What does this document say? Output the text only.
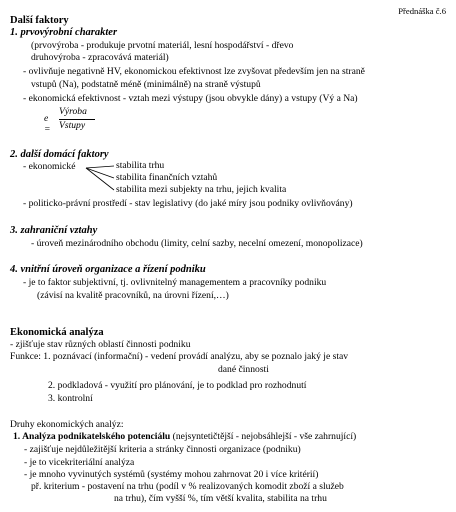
Přednáška č.6
Další faktory
1. prvovýrobní charakter
(prvovýroba - produkuje prvotní materiál, lesní hospodářství - dřevo
druhovýroba - zpracovává materiál)
- ovlivňuje negativně HV, ekonomickou efektivnost lze zvyšovat především jen na straně
vstupů (Na), podstatně méně (minimálně) na straně výstupů
- ekonomická efektivnost - vztah mezi výstupy (jsou obvykle dány) a vstupy (Vý a Na)
e =
Výroba
Vstupy
2. další domácí faktory
- ekonomické	stabilita trhu
stabilita finančních vztahů
stabilita mezi subjekty na trhu, jejich kvalita
- politicko-právní prostředí - stav legislativy (do jaké míry jsou podniky ovlivňovány)
3. zahraniční vztahy
- úroveň mezinárodního obchodu (limity, celní sazby, necelní omezení, monopolizace)
4. vnitřní úroveň organizace a řízení podniku
- je to faktor subjektivní, tj. ovlivnitelný managementem a pracovníky podniku
(závisí na kvalitě pracovníků, na úrovni řízení,…)
Ekonomická analýza
- zjišťuje stav různých oblastí činnosti podniku
Funkce: 1. poznávací (informační) - vedení provádí analýzu, aby se poznalo jaký je stav
dané činnosti
2. podkladová - využití pro plánování, je to podklad pro rozhodnutí
3. kontrolní
Druhy ekonomických analýz:
1. Analýza podnikatelského potenciálu (nejsyntetičtější - nejobsáhlejší - vše zahrnující)
- zajišťuje nejdůležitější kriteria a stránky činnosti organizace (podniku)
- je to vicekriteriální analýza
- je mnoho vyvinutých systémů (systémy mohou zahrnovat 20 i více kritérií)
př. kriterium - postavení na trhu (podíl v % realizovaných komodit zboží a služeb
na trhu), čím vyšší %, tím větší kvalita, stabilita na trhu
